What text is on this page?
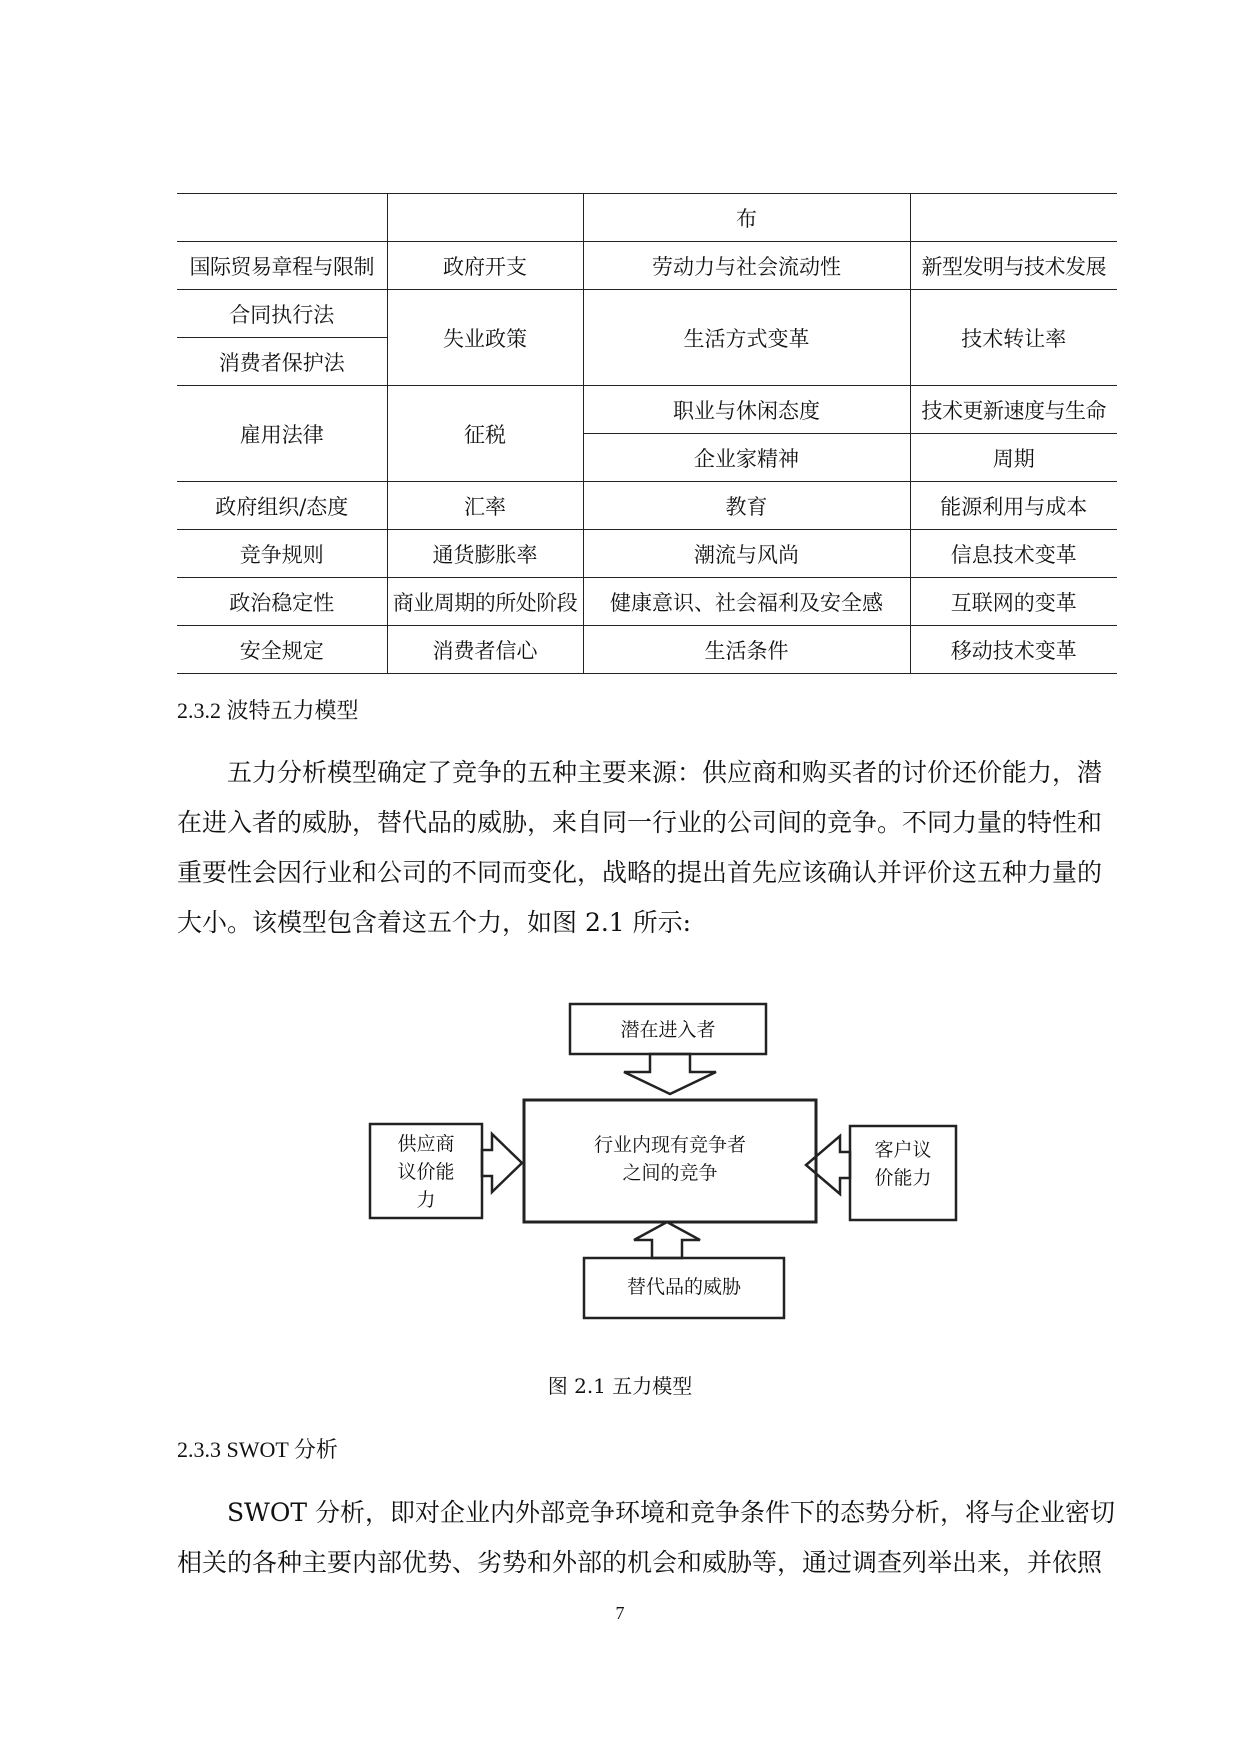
		布	
国际贸易章程与限制	政府开支	劳动力与社会流动性	新型发明与技术发展
合同执行法	失业政策	生活方式变革	技术转让率
消费者保护法			
雇用法律	征税	职业与休闲态度	技术更新速度与生命
		企业家精神	周期
政府组织/态度	汇率	教育	能源利用与成本
竞争规则	通货膨胀率	潮流与风尚	信息技术变革
政治稳定性	商业周期的所处阶段	健康意识、社会福利及安全感	互联网的变革
安全规定	消费者信心	生活条件	移动技术变革
2.3.2 波特五力模型

五力分析模型确定了竞争的五种主要来源：供应商和购买者的讨价还价能力，潜

在进入者的威胁，替代品的威胁，来自同一行业的公司间的竞争。不同力量的特性和

重要性会因行业和公司的不同而变化，战略的提出首先应该确认并评价这五种力量的

大小。该模型包含着这五个力，如图 2.1 所示:

潜在进入者
行业内现有竞争者
之间的竞争
供应商
议价能
力
客户议
价能力
替代品的威胁
图 2.1 五力模型
2.3.3 SWOT 分析

SWOT 分析，即对企业内外部竞争环境和竞争条件下的态势分析，将与企业密切

相关的各种主要内部优势、劣势和外部的机会和威胁等，通过调查列举出来，并依照

7
